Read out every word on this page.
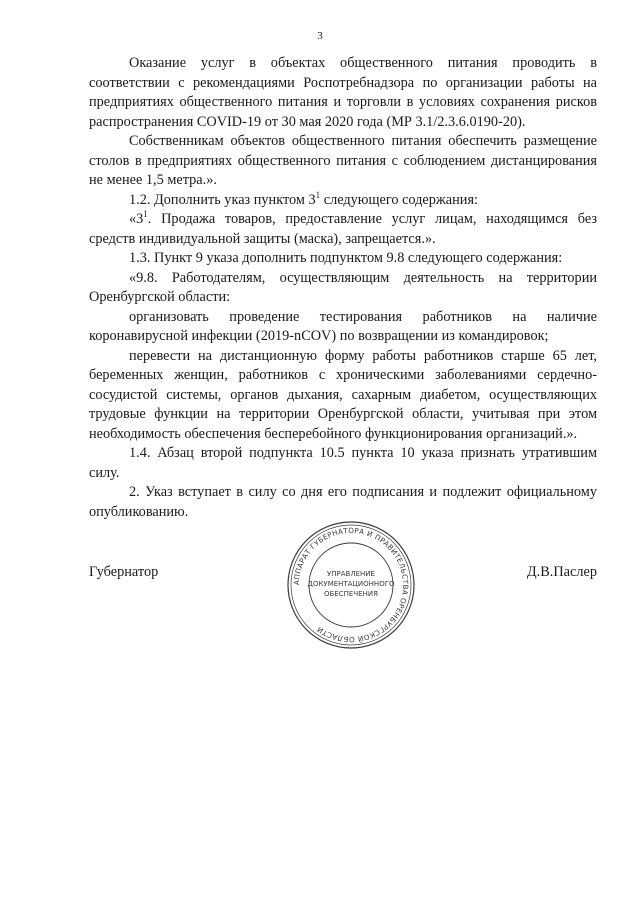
3

Оказание услуг в объектах общественного питания проводить в соответствии с рекомендациями Роспотребнадзора по организации работы на предприятиях общественного питания и торговли в условиях сохранения рисков распространения COVID-19 от 30 мая 2020 года (МР 3.1/2.3.6.0190-20).

Собственникам объектов общественного питания обеспечить размещение столов в предприятиях общественного питания с соблюдением дистанцирования не менее 1,5 метра.».

1.2. Дополнить указ пунктом $3^1$ следующего содержания:

«$3^1$. Продажа товаров, предоставление услуг лицам, находящимся без средств индивидуальной защиты (маска), запрещается.».

1.3. Пункт 9 указа дополнить подпунктом 9.8 следующего содержания:

«9.8. Работодателям, осуществляющим деятельность на территории Оренбургской области:

организовать проведение тестирования работников на наличие коронавирусной инфекции (2019-nCOV) по возвращении из командировок;

перевести на дистанционную форму работы работников старше 65 лет, беременных женщин, работников с хроническими заболеваниями сердечно-сосудистой системы, органов дыхания, сахарным диабетом, осуществляющих трудовые функции на территории Оренбургской области, учитывая при этом необходимость обеспечения бесперебойного функционирования организаций.».

1.4. Абзац второй подпункта 10.5 пункта 10 указа признать утратившим силу.

2. Указ вступает в силу со дня его подписания и подлежит официальному опубликованию.

Губернатор	Д.В.Паслер
АППАРАТ ГУБЕРНАТОРА И ПРАВИТЕЛЬСТВА ОРЕНБУРГСКОЙ ОБЛАСТИ
УПРАВЛЕНИЕ
ДОКУМЕНТАЦИОННОГО
ОБЕСПЕЧЕНИЯ
